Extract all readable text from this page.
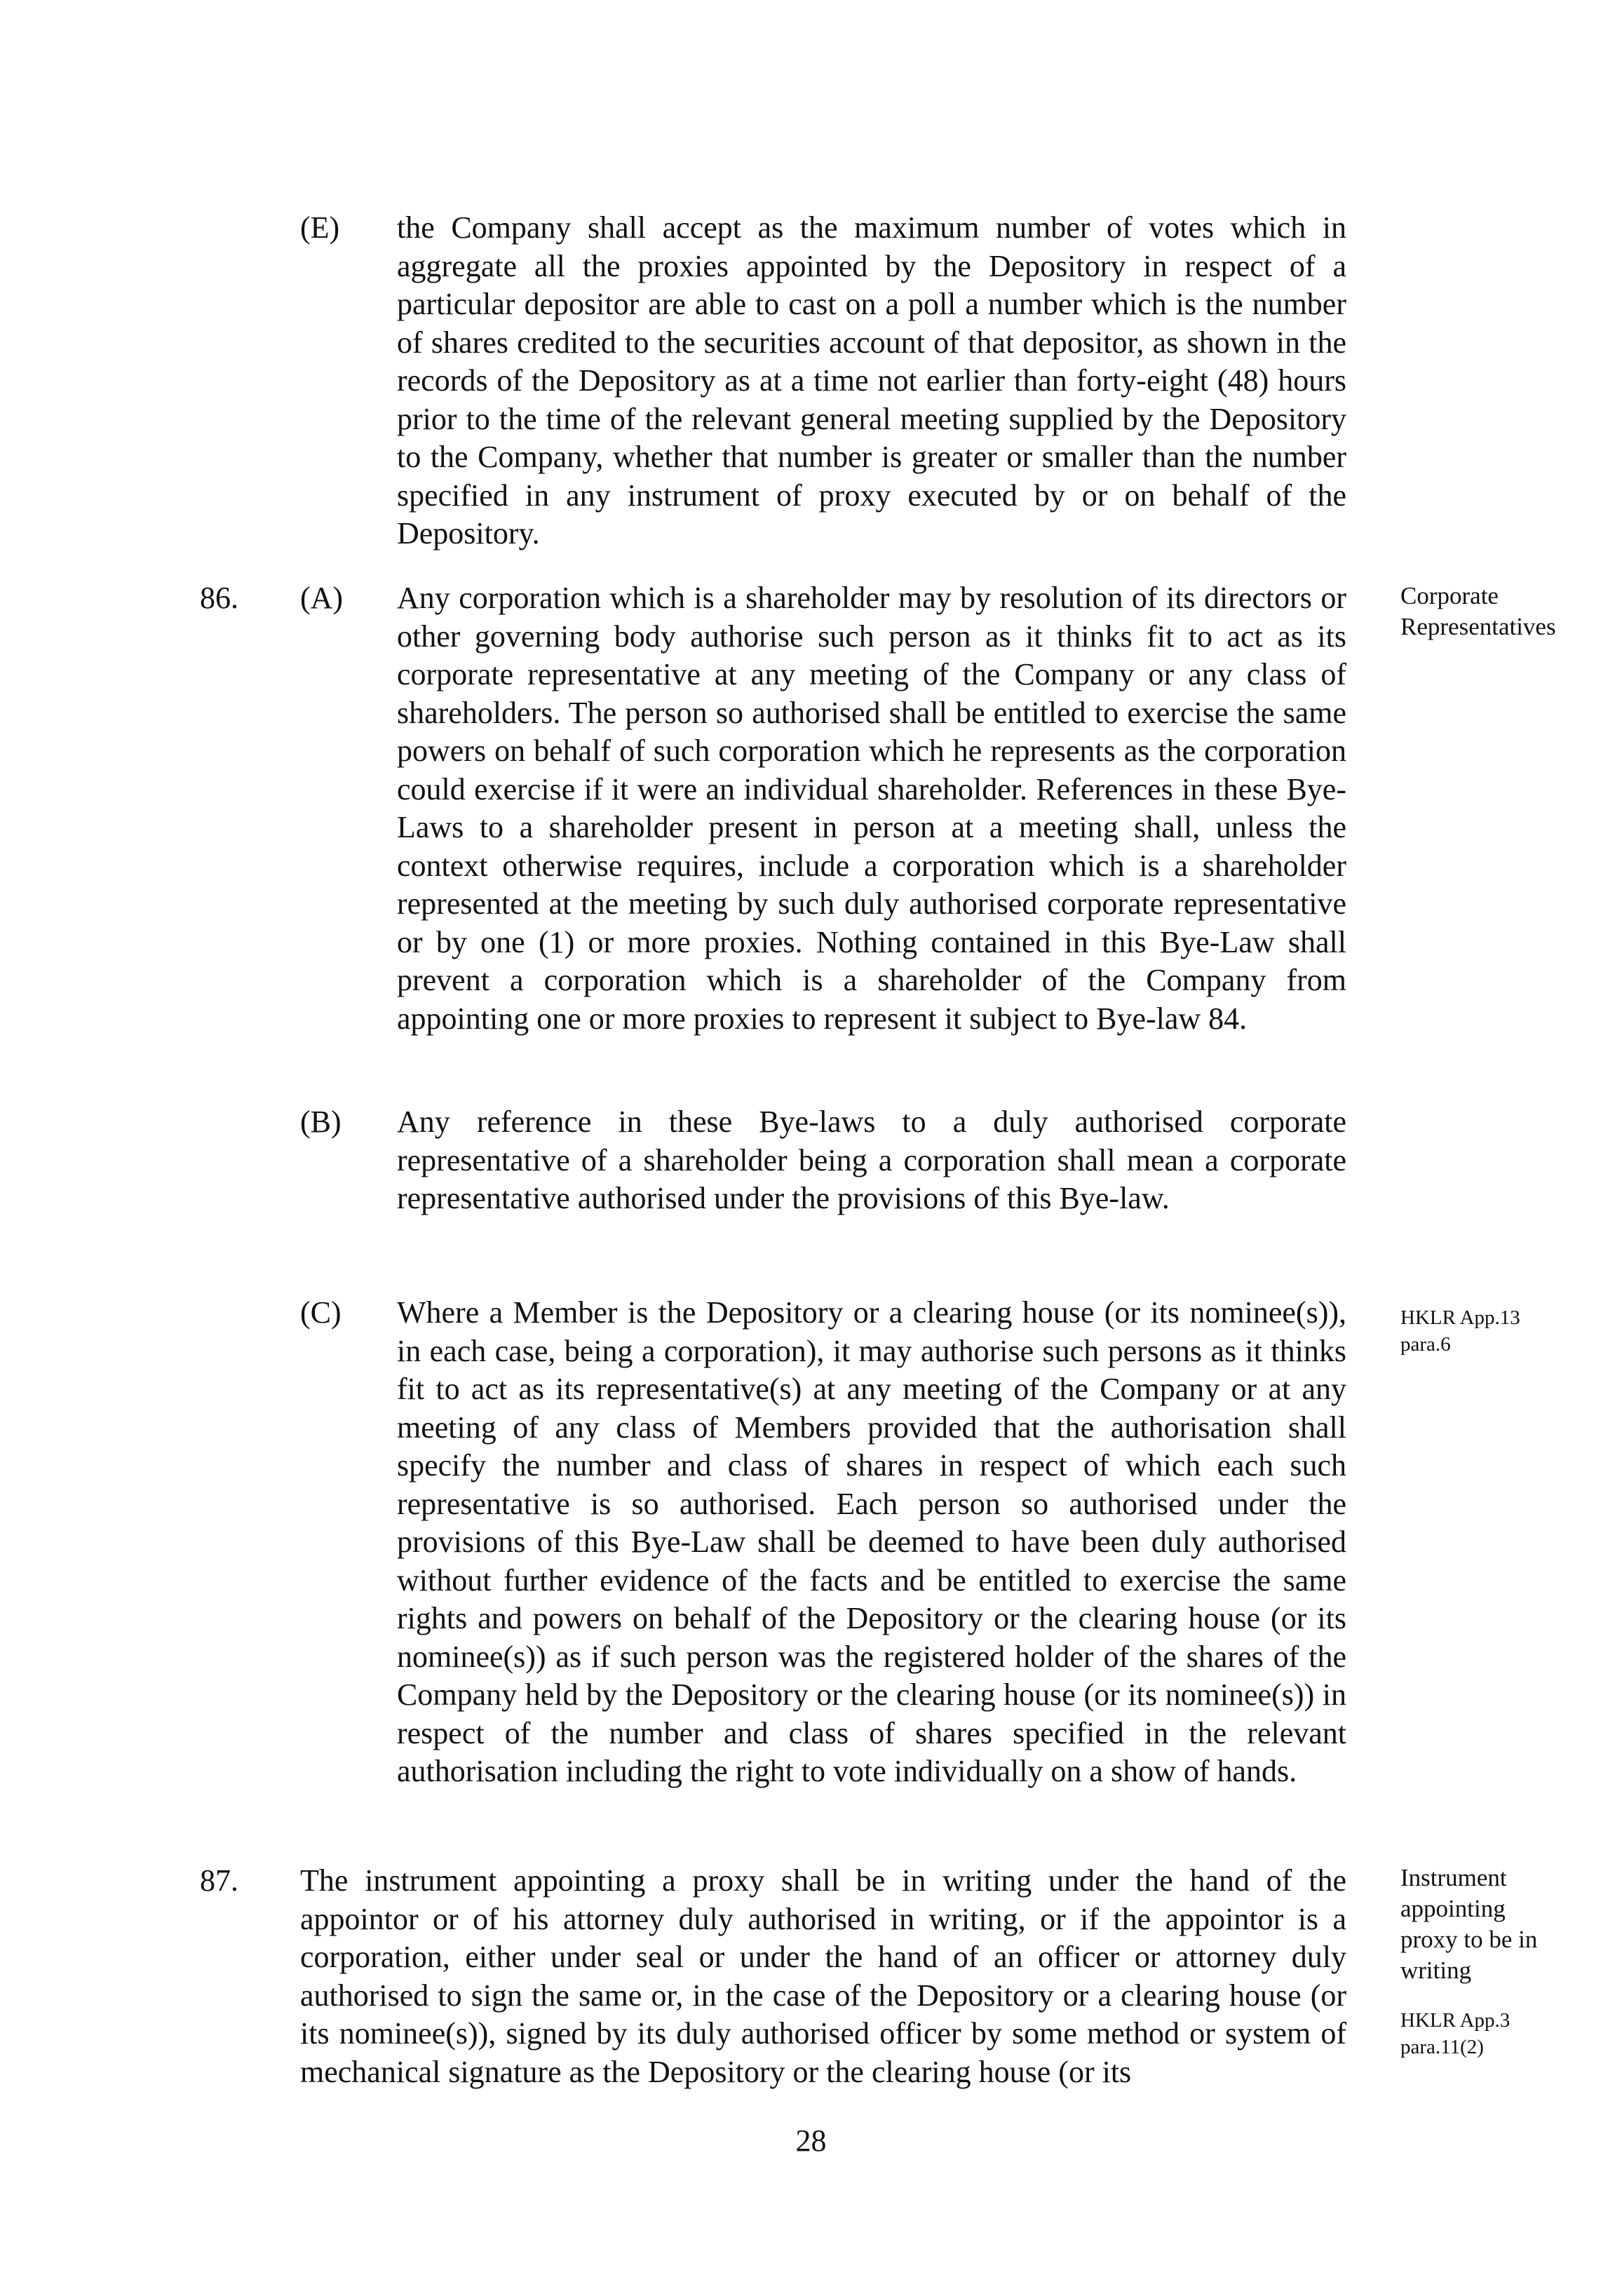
(E) the Company shall accept as the maximum number of votes which in aggregate all the proxies appointed by the Depository in respect of a particular depositor are able to cast on a poll a number which is the number of shares credited to the securities account of that depositor, as shown in the records of the Depository as at a time not earlier than forty-eight (48) hours prior to the time of the relevant general meeting supplied by the Depository to the Company, whether that number is greater or smaller than the number specified in any instrument of proxy executed by or on behalf of the Depository.
86. (A) Any corporation which is a shareholder may by resolution of its directors or other governing body authorise such person as it thinks fit to act as its corporate representative at any meeting of the Company or any class of shareholders. The person so authorised shall be entitled to exercise the same powers on behalf of such corporation which he represents as the corporation could exercise if it were an individual shareholder. References in these Bye-Laws to a shareholder present in person at a meeting shall, unless the context otherwise requires, include a corporation which is a shareholder represented at the meeting by such duly authorised corporate representative or by one (1) or more proxies. Nothing contained in this Bye-Law shall prevent a corporation which is a shareholder of the Company from appointing one or more proxies to represent it subject to Bye-law 84.
Corporate Representatives
(B) Any reference in these Bye-laws to a duly authorised corporate representative of a shareholder being a corporation shall mean a corporate representative authorised under the provisions of this Bye-law.
(C) Where a Member is the Depository or a clearing house (or its nominee(s)), in each case, being a corporation), it may authorise such persons as it thinks fit to act as its representative(s) at any meeting of the Company or at any meeting of any class of Members provided that the authorisation shall specify the number and class of shares in respect of which each such representative is so authorised. Each person so authorised under the provisions of this Bye-Law shall be deemed to have been duly authorised without further evidence of the facts and be entitled to exercise the same rights and powers on behalf of the Depository or the clearing house (or its nominee(s)) as if such person was the registered holder of the shares of the Company held by the Depository or the clearing house (or its nominee(s)) in respect of the number and class of shares specified in the relevant authorisation including the right to vote individually on a show of hands.
HKLR App.13 para.6
87. The instrument appointing a proxy shall be in writing under the hand of the appointor or of his attorney duly authorised in writing, or if the appointor is a corporation, either under seal or under the hand of an officer or attorney duly authorised to sign the same or, in the case of the Depository or a clearing house (or its nominee(s)), signed by its duly authorised officer by some method or system of mechanical signature as the Depository or the clearing house (or its
Instrument appointing proxy to be in writing
HKLR App.3 para.11(2)
28
